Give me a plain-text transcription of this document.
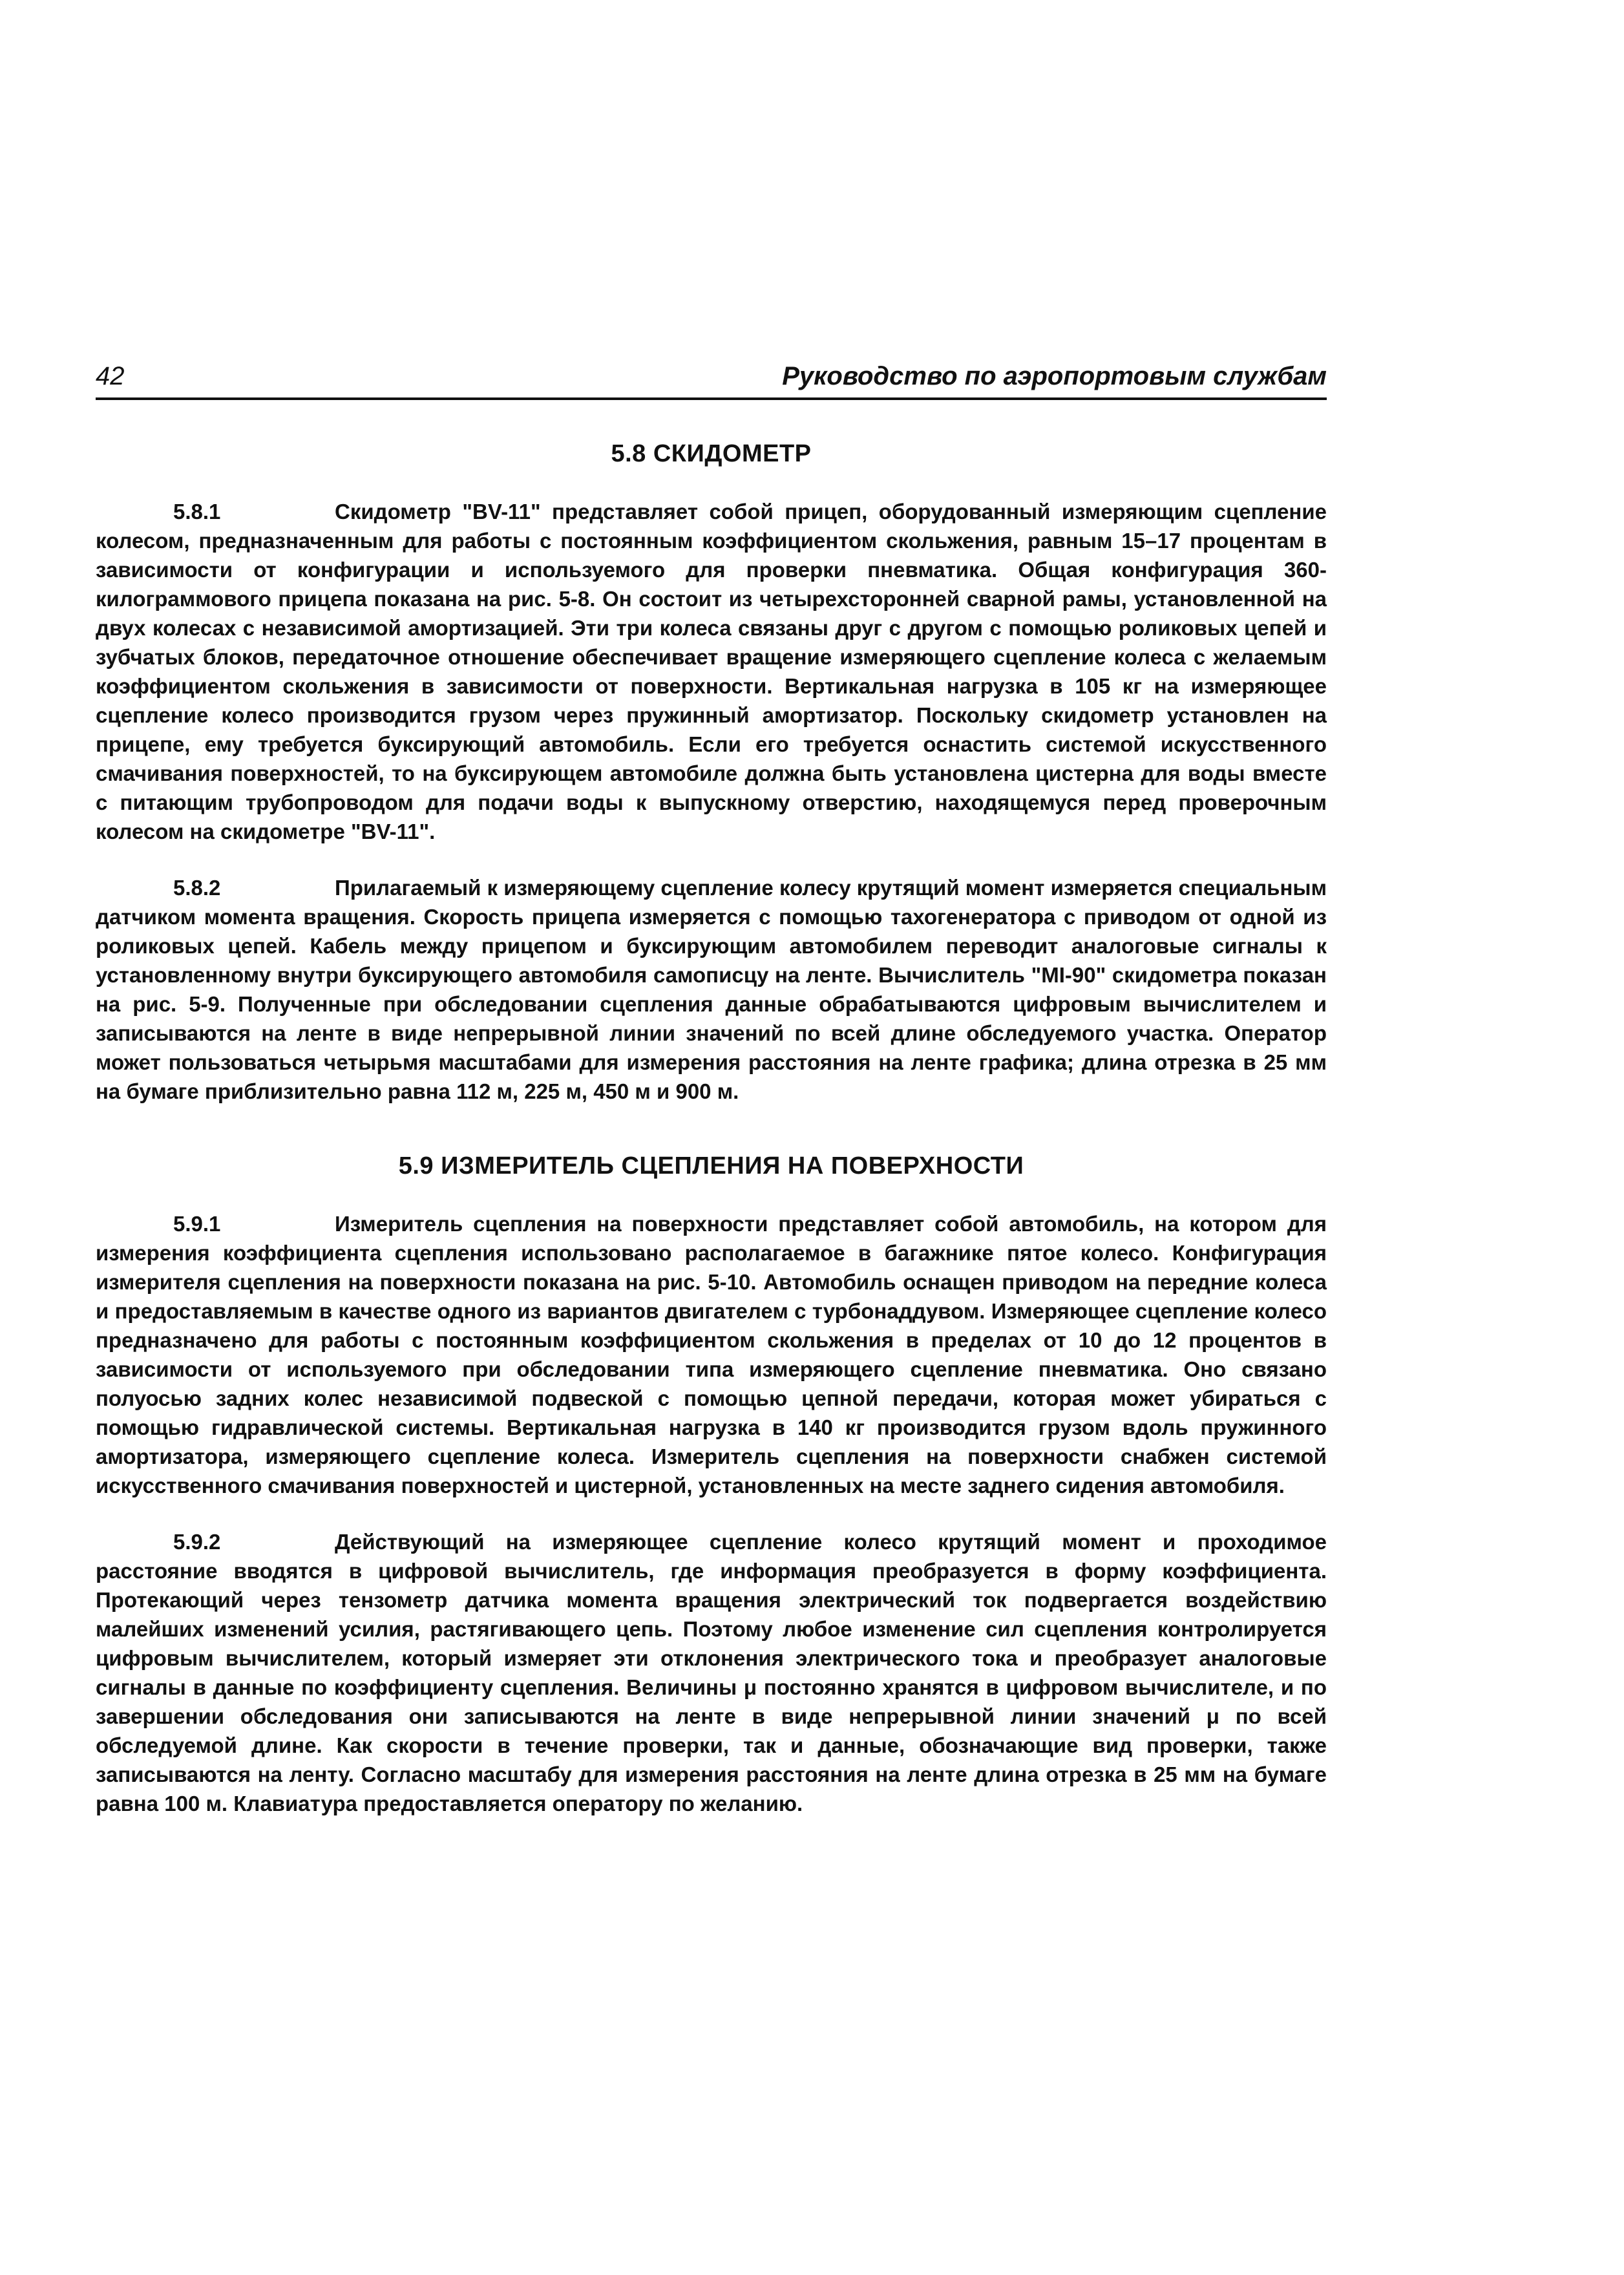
42	Руководство по аэропортовым службам
5.8 СКИДОМЕТР

5.8.1	Скидометр "BV-11" представляет собой прицеп, оборудованный измеряющим сцепление колесом, предназначенным для работы с постоянным коэффициентом скольжения, равным 15–17 процентам в зависимости от конфигурации и используемого для проверки пневматика. Общая конфигурация 360-килограммового прицепа показана на рис. 5-8. Он состоит из четырехсторонней сварной рамы, установленной на двух колесах с независимой амортизацией. Эти три колеса связаны друг с другом с помощью роликовых цепей и зубчатых блоков, передаточное отношение обеспечивает вращение измеряющего сцепление колеса с желаемым коэффициентом скольжения в зависимости от поверхности. Вертикальная нагрузка в 105 кг на измеряющее сцепление колесо производится грузом через пружинный амортизатор. Поскольку скидометр установлен на прицепе, ему требуется буксирующий автомобиль. Если его требуется оснастить системой искусственного смачивания поверхностей, то на буксирующем автомобиле должна быть установлена цистерна для воды вместе с питающим трубопроводом для подачи воды к выпускному отверстию, находящемуся перед проверочным колесом на скидометре "BV-11".

5.8.2	Прилагаемый к измеряющему сцепление колесу крутящий момент измеряется специальным датчиком момента вращения. Скорость прицепа измеряется с помощью тахогенератора с приводом от одной из роликовых цепей. Кабель между прицепом и буксирующим автомобилем переводит аналоговые сигналы к установленному внутри буксирующего автомобиля самописцу на ленте. Вычислитель "MI-90" скидометра показан на рис. 5-9. Полученные при обследовании сцепления данные обрабатываются цифровым вычислителем и записываются на ленте в виде непрерывной линии значений по всей длине обследуемого участка. Оператор может пользоваться четырьмя масштабами для измерения расстояния на ленте графика; длина отрезка в 25 мм на бумаге приблизительно равна 112 м, 225 м, 450 м и 900 м.

5.9 ИЗМЕРИТЕЛЬ СЦЕПЛЕНИЯ НА ПОВЕРХНОСТИ

5.9.1	Измеритель сцепления на поверхности представляет собой автомобиль, на котором для измерения коэффициента сцепления использовано располагаемое в багажнике пятое колесо. Конфигурация измерителя сцепления на поверхности показана на рис. 5-10. Автомобиль оснащен приводом на передние колеса и предоставляемым в качестве одного из вариантов двигателем с турбонаддувом. Измеряющее сцепление колесо предназначено для работы с постоянным коэффициентом скольжения в пределах от 10 до 12 процентов в зависимости от используемого при обследовании типа измеряющего сцепление пневматика. Оно связано полуосью задних колес независимой подвеской с помощью цепной передачи, которая может убираться с помощью гидравлической системы. Вертикальная нагрузка в 140 кг производится грузом вдоль пружинного амортизатора, измеряющего сцепление колеса. Измеритель сцепления на поверхности снабжен системой искусственного смачивания поверхностей и цистерной, установленных на месте заднего сидения автомобиля.

5.9.2	Действующий на измеряющее сцепление колесо крутящий момент и проходимое расстояние вводятся в цифровой вычислитель, где информация преобразуется в форму коэффициента. Протекающий через тензометр датчика момента вращения электрический ток подвергается воздействию малейших изменений усилия, растягивающего цепь. Поэтому любое изменение сил сцепления контролируется цифровым вычислителем, который измеряет эти отклонения электрического тока и преобразует аналоговые сигналы в данные по коэффициенту сцепления. Величины μ постоянно хранятся в цифровом вычислителе, и по завершении обследования они записываются на ленте в виде непрерывной линии значений μ по всей обследуемой длине. Как скорости в течение проверки, так и данные, обозначающие вид проверки, также записываются на ленту. Согласно масштабу для измерения расстояния на ленте длина отрезка в 25 мм на бумаге равна 100 м. Клавиатура предоставляется оператору по желанию.
